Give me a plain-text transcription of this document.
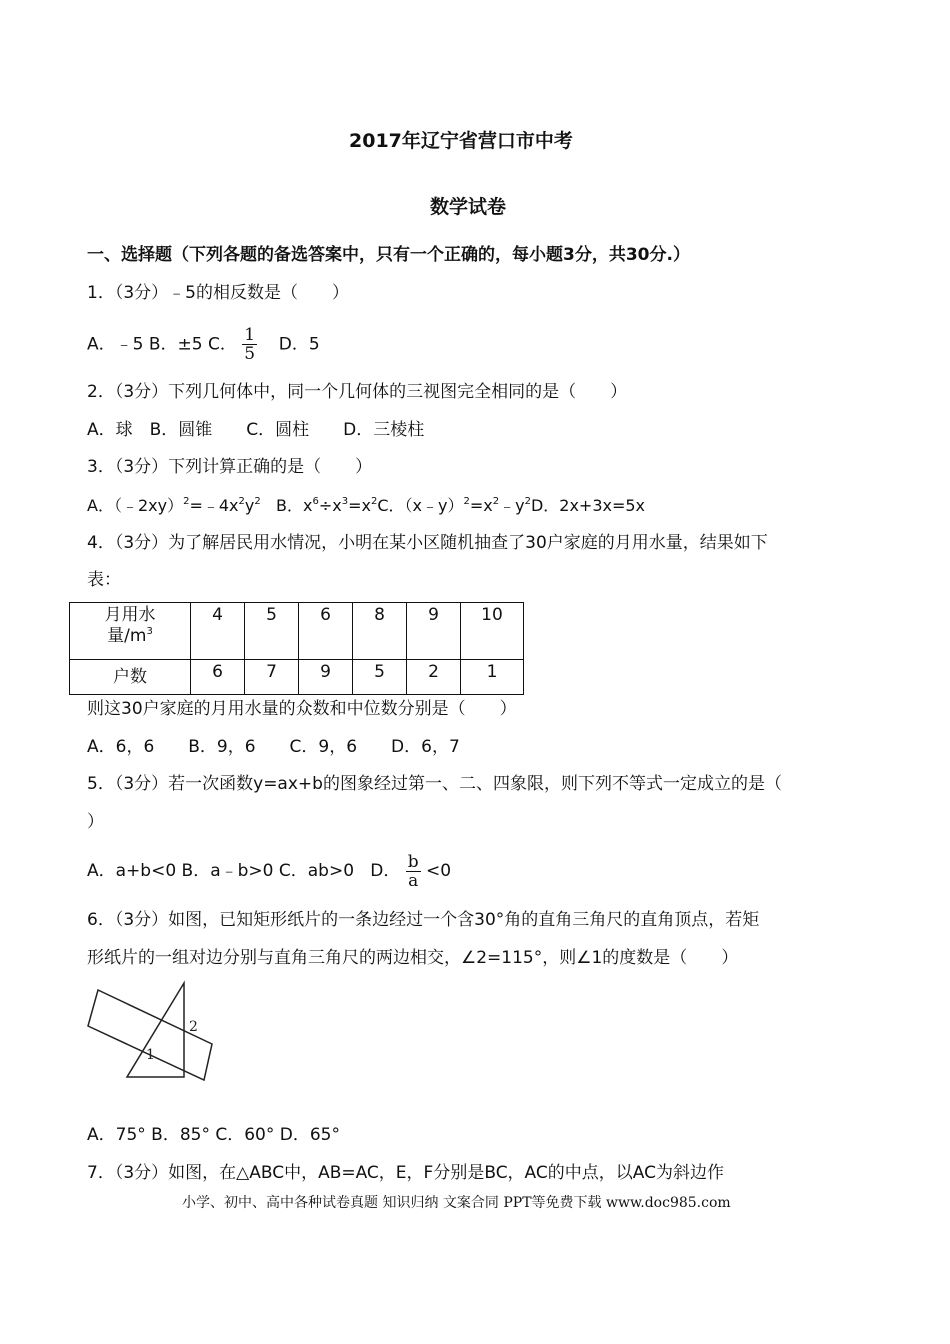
2017年辽宁省营口市中考
数学试卷
一、选择题（下列各题的备选答案中，只有一个正确的，每小题3分，共30分.）
1．（3分）﹣5的相反数是（　　）
A．﹣5 B．±5 C． $\frac{1}{5}$ D．5
2．（3分）下列几何体中，同一个几何体的三视图完全相同的是（　　）
A．球　B．圆锥　　C．圆柱　　D．三棱柱
3．（3分）下列计算正确的是（　　）
A．$(﹣2xy)^2=﹣4x^2y^2$ B．$x^6\div x^3=x^2C$．$(x﹣y)^2=x^2﹣y^2D$．2x+3x=5x
4．（3分）为了解居民用水情况，小明在某小区随机抽查了30户家庭的月用水量，结果如下
表：
月用水
量$/m^3$	4	5	6	8	9	10
户数	6	7	9	5	2	1
则这30户家庭的月用水量的众数和中位数分别是（　　）
A．6，6　　B．9，6　　C．9，6　　D．6，7
5．（3分）若一次函数y=ax+b的图象经过第一、二、四象限，则下列不等式一定成立的是（
）
A．a+b<0 B．a﹣b>0 C．ab>0 D． $\frac{b}{a} <0$
6．（3分）如图，已知矩形纸片的一条边经过一个含30°角的直角三角尺的直角顶点，若矩
形纸片的一组对边分别与直角三角尺的两边相交，∠2=115°，则∠1的度数是（　　）
1
2
A．75° B．85° C．60° D．65°
7．（3分）如图，在△ABC中，AB=AC，E，F分别是BC，AC的中点，以AC为斜边作
小学、初中、高中各种试卷真题 知识归纳 文案合同 PPT等免费下载 www.doc985.com
